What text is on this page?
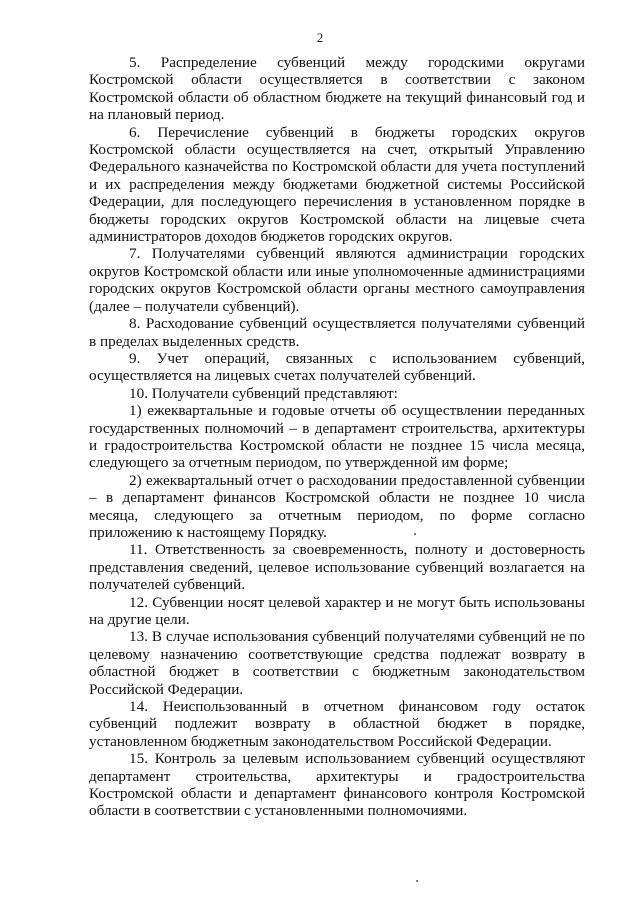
2

5. Распределение субвенций между городскими округами Костромской области осуществляется в соответствии с законом Костромской области об областном бюджете на текущий финансовый год и на плановый период.

6. Перечисление субвенций в бюджеты городских округов Костромской области осуществляется на счет, открытый Управлению Федерального казначейства по Костромской области для учета поступлений и их распределения между бюджетами бюджетной системы Российской Федерации, для последующего перечисления в установленном порядке в бюджеты городских округов Костромской области на лицевые счета администраторов доходов бюджетов городских округов.

7. Получателями субвенций являются администрации городских округов Костромской области или иные уполномоченные администрациями городских округов Костромской области органы местного самоуправления (далее – получатели субвенций).

8. Расходование субвенций осуществляется получателями субвенций в пределах выделенных средств.

9. Учет операций, связанных с использованием субвенций, осуществляется на лицевых счетах получателей субвенций.

10. Получатели субвенций представляют:

1) ежеквартальные и годовые отчеты об осуществлении переданных государственных полномочий – в департамент строительства, архитектуры и градостроительства Костромской области не позднее 15 числа месяца, следующего за отчетным периодом, по утвержденной им форме;

2) ежеквартальный отчет о расходовании предоставленной субвенции – в департамент финансов Костромской области не позднее 10 числа месяца, следующего за отчетным периодом, по форме согласно приложению к настоящему Порядку.

11. Ответственность за своевременность, полноту и достоверность представления сведений, целевое использование субвенций возлагается на получателей субвенций.

12. Субвенции носят целевой характер и не могут быть использованы на другие цели.

13. В случае использования субвенций получателями субвенций не по целевому назначению соответствующие средства подлежат возврату в областной бюджет в соответствии с бюджетным законодательством Российской Федерации.

14. Неиспользованный в отчетном финансовом году остаток субвенций подлежит возврату в областной бюджет в порядке, установленном бюджетным законодательством Российской Федерации.

15. Контроль за целевым использованием субвенций осуществляют департамент строительства, архитектуры и градостроительства Костромской области и департамент финансового контроля Костромской области в соответствии с установленными полномочиями.
